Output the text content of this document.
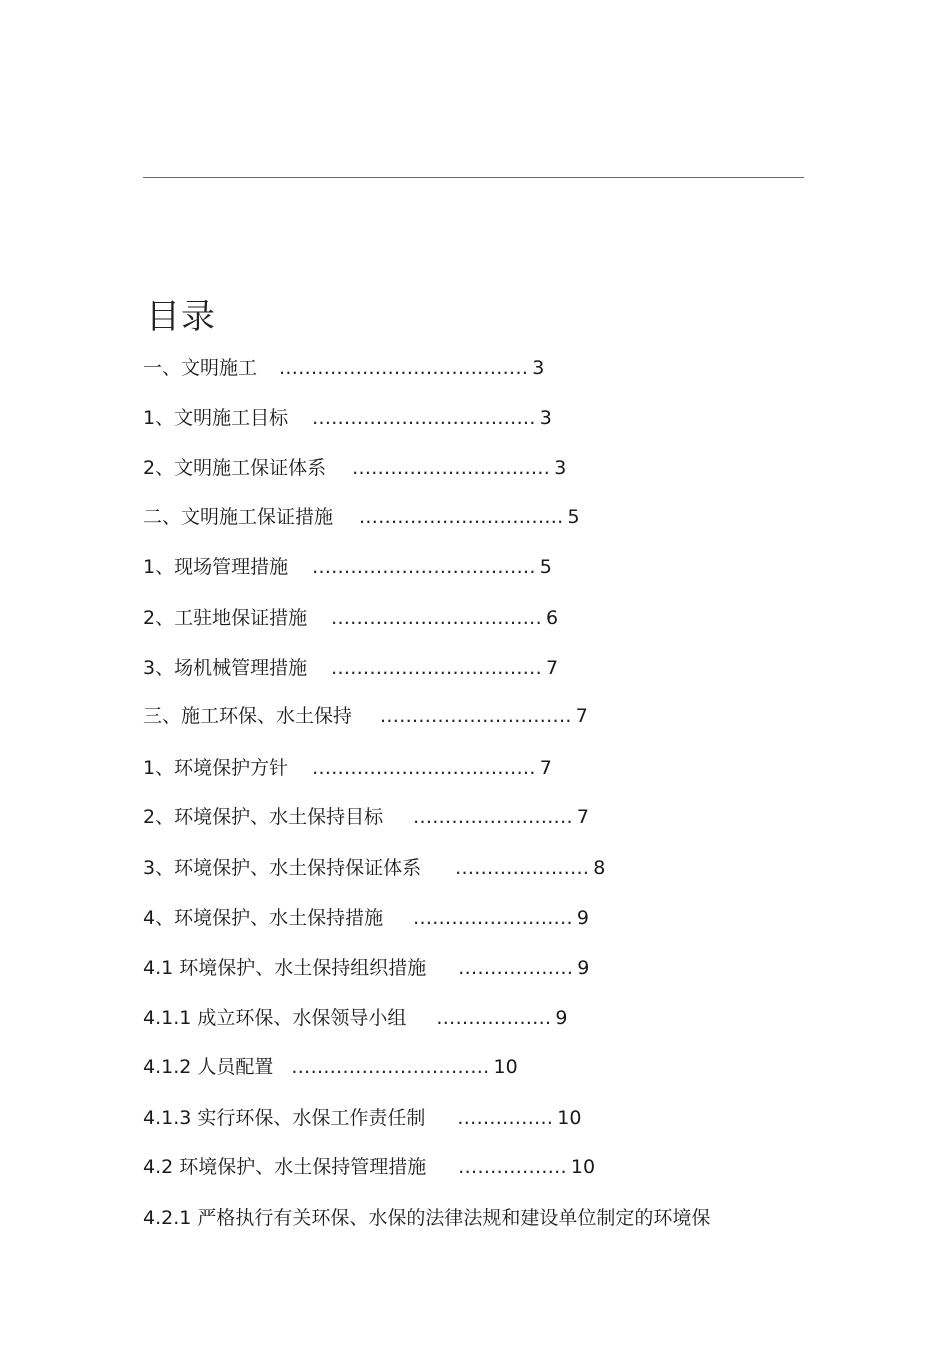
目录
一、文明施工 ....................................... 3
1、文明施工目标 ................................... 3
2、文明施工保证体系 ............................... 3
二、文明施工保证措施 ................................ 5
1、现场管理措施 ................................... 5
2、工驻地保证措施 ................................. 6
3、场机械管理措施 ................................. 7
三、施工环保、水土保持 .............................. 7
1、环境保护方针 ................................... 7
2、环境保护、水土保持目标 ......................... 7
3、环境保护、水土保持保证体系 ..................... 8
4、环境保护、水土保持措施 ......................... 9
4.1 环境保护、水土保持组织措施 .................. 9
4.1.1 成立环保、水保领导小组 .................. 9
4.1.2 人员配置 ............................... 10
4.1.3 实行环保、水保工作责任制 ............... 10
4.2 环境保护、水土保持管理措施 ................. 10
4.2.1 严格执行有关环保、水保的法律法规和建设单位制定的环境保
